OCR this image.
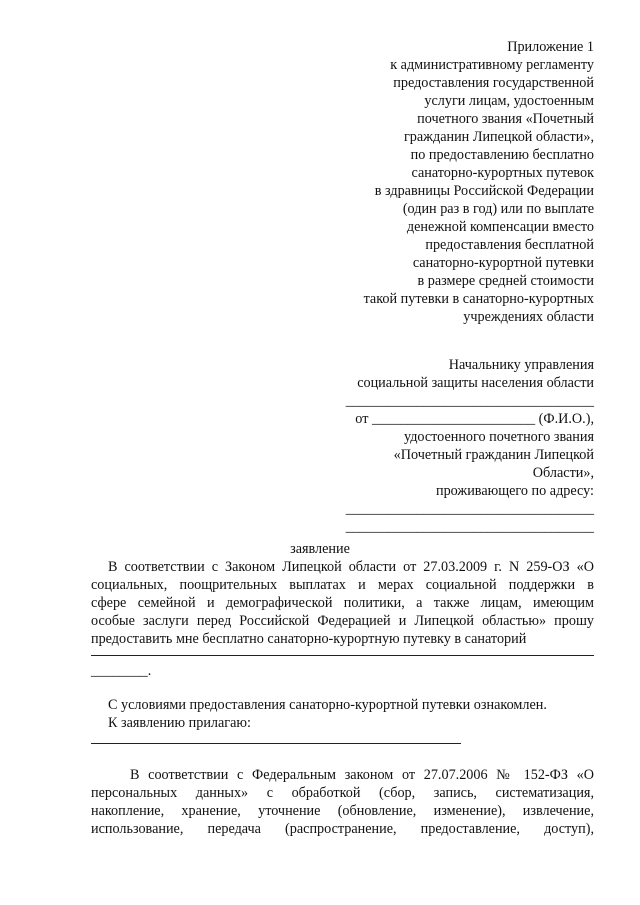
Приложение 1
к административному регламенту
предоставления государственной
услуги лицам, удостоенным
почетного звания «Почетный
гражданин Липецкой области»,
по предоставлению бесплатно
санаторно-курортных путевок
в здравницы Российской Федерации
(один раз в год) или по выплате
денежной компенсации вместо
предоставления бесплатной
санаторно-курортной путевки
в размере средней стоимости
такой путевки в санаторно-курортных
учреждениях области
Начальнику управления
социальной защиты населения области
___________________________________
от _______________________ (Ф.И.О.),
удостоенного почетного звания
«Почетный гражданин Липецкой
Области»,
проживающего по адресу:
___________________________________
___________________________________
заявление
В соответствии с Законом Липецкой области от 27.03.2009 г. N 259-ОЗ «О
социальных, поощрительных выплатах и мерах социальной поддержки в
сфере семейной и демографической политики, а также лицам, имеющим
особые заслуги перед Российской Федерацией и Липецкой областью» прошу
предоставить мне бесплатно санаторно-курортную путевку в санаторий
________.
С условиями предоставления санаторно-курортной путевки ознакомлен.
К заявлению прилагаю:
В соответствии с Федеральным законом от 27.07.2006 № 152-ФЗ «О
персональных данных» с обработкой (сбор, запись, систематизация,
накопление, хранение, уточнение (обновление, изменение), извлечение,
использование, передача (распространение, предоставление, доступ),
